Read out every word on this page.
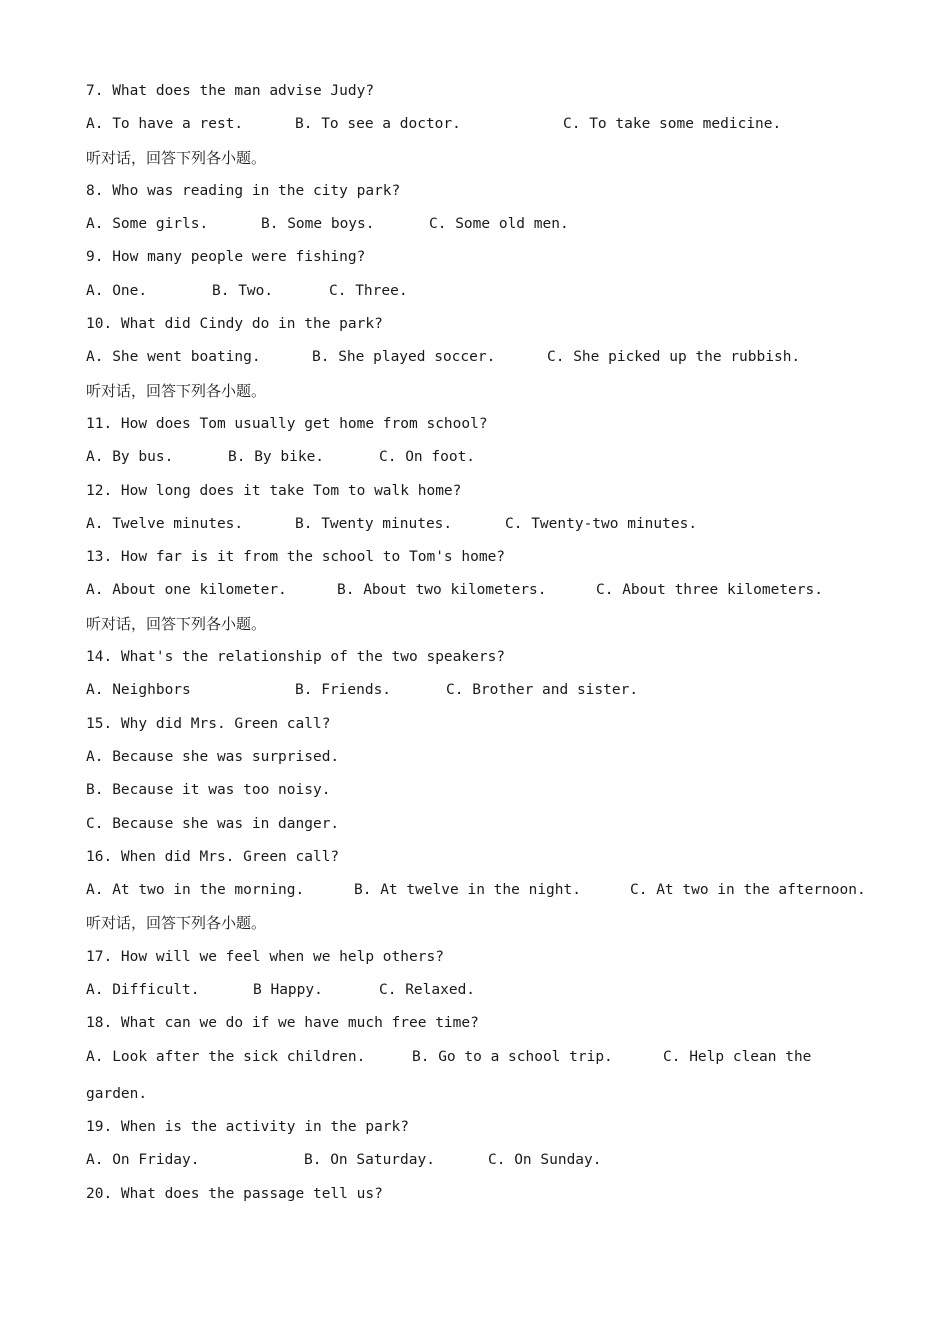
7. What does the man advise Judy?
A. To have a rest.	B. To see a doctor.	C. To take some medicine.
听对话，回答下列各小题。
8. Who was reading in the city park?
A. Some girls.	B. Some boys.	C. Some old men.
9. How many people were fishing?
A. One.	B. Two.	C. Three.
10. What did Cindy do in the park?
A. She went boating.	B. She played soccer.	C. She picked up the rubbish.
听对话，回答下列各小题。
11. How does Tom usually get home from school?
A. By bus.	B. By bike.	C. On foot.
12. How long does it take Tom to walk home?
A. Twelve minutes.	B. Twenty minutes.	C. Twenty-two minutes.
13. How far is it from the school to Tom's home?
A. About one kilometer.	B. About two kilometers.	C. About three kilometers.
听对话，回答下列各小题。
14. What's the relationship of the two speakers?
A. Neighbors	B. Friends.	C. Brother and sister.
15. Why did Mrs. Green call?
A. Because she was surprised.
B. Because it was too noisy.
C. Because she was in danger.
16. When did Mrs. Green call?
A. At two in the morning.	B. At twelve in the night.	C. At two in the afternoon.
听对话，回答下列各小题。
17. How will we feel when we help others?
A. Difficult.	B Happy.	C. Relaxed.
18. What can we do if we have much free time?
A. Look after the sick children.	B. Go to a school trip.	C. Help clean the
garden.
19. When is the activity in the park?
A. On Friday.	B. On Saturday.	C. On Sunday.
20. What does the passage tell us?
